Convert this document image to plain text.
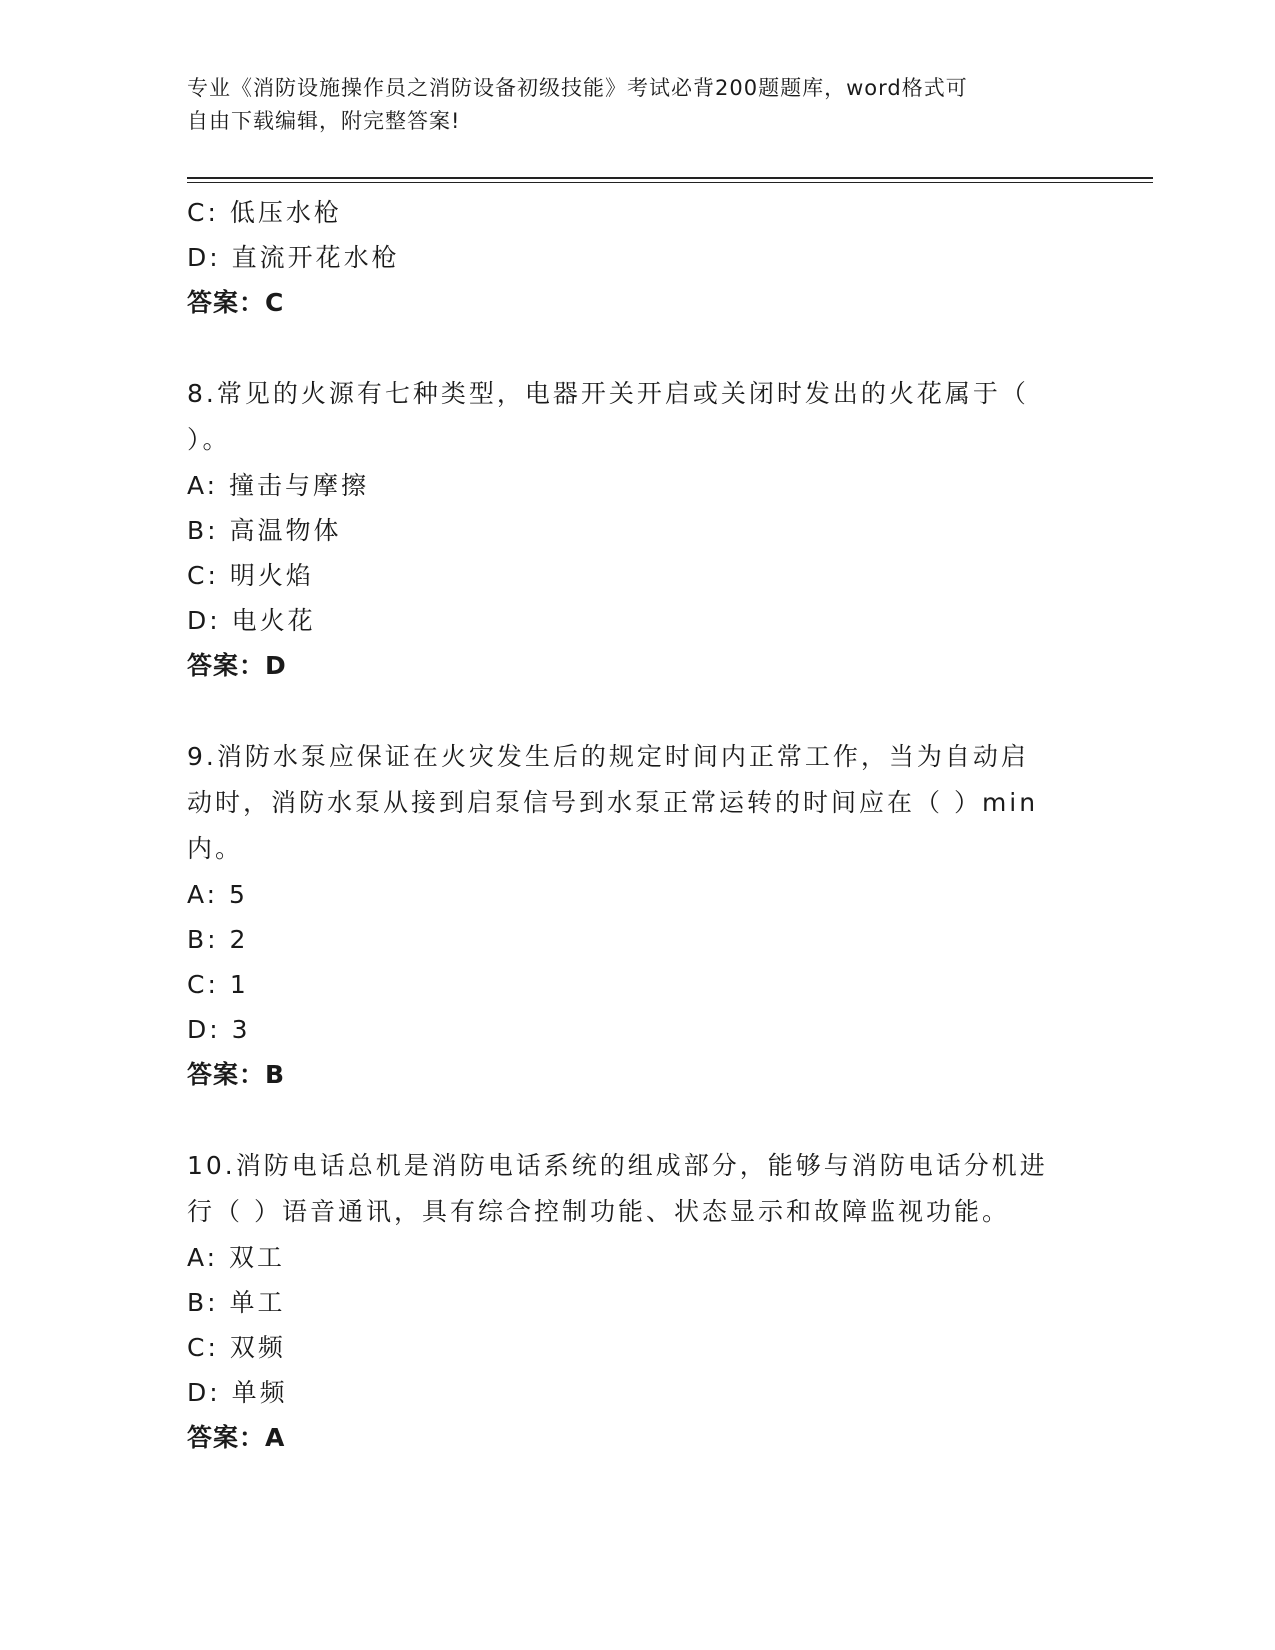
专业《消防设施操作员之消防设备初级技能》考试必背200题题库，word格式可
自由下载编辑，附完整答案!
C: 低压水枪
D: 直流开花水枪
答案：C
8.常见的火源有七种类型，电器开关开启或关闭时发出的火花属于（
）。
A: 撞击与摩擦
B: 高温物体
C: 明火焰
D: 电火花
答案：D
9.消防水泵应保证在火灾发生后的规定时间内正常工作，当为自动启
动时，消防水泵从接到启泵信号到水泵正常运转的时间应在（ ）min
内。
A: 5
B: 2
C: 1
D: 3
答案：B
10.消防电话总机是消防电话系统的组成部分，能够与消防电话分机进
行（ ）语音通讯，具有综合控制功能、状态显示和故障监视功能。
A: 双工
B: 单工
C: 双频
D: 单频
答案：A
